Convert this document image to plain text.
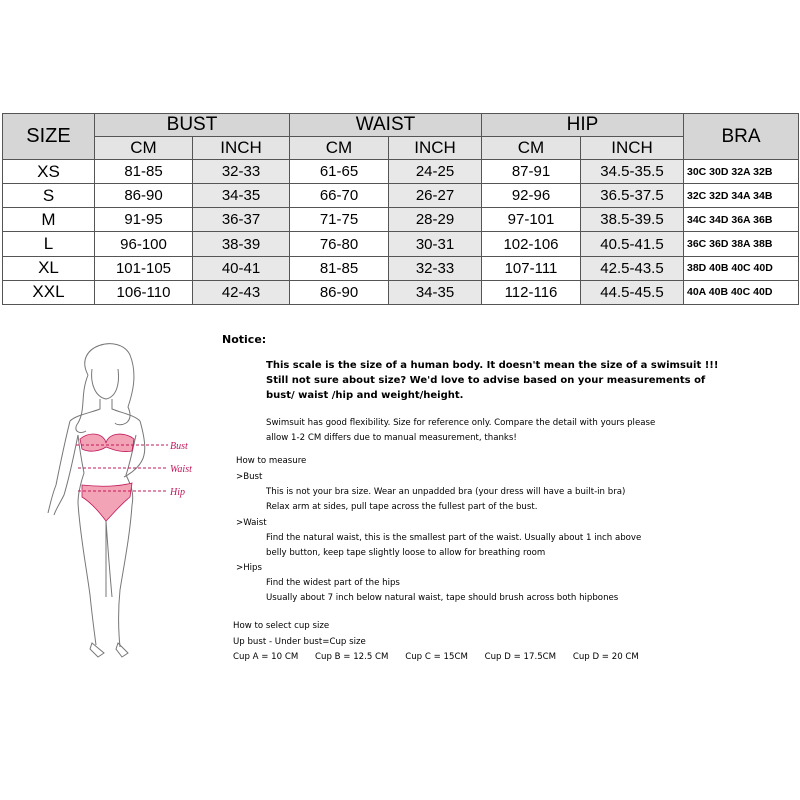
SIZE	BUST		WAIST		HIP		BRA
	CM	INCH	CM	INCH	CM	INCH	
XS	81-85	32-33	61-65	24-25	87-91	34.5-35.5	30C 30D 32A 32B
S	86-90	34-35	66-70	26-27	92-96	36.5-37.5	32C 32D 34A 34B
M	91-95	36-37	71-75	28-29	97-101	38.5-39.5	34C 34D 36A 36B
L	96-100	38-39	76-80	30-31	102-106	40.5-41.5	36C 36D 38A 38B
XL	101-105	40-41	81-85	32-33	107-111	42.5-43.5	38D 40B 40C 40D
XXL	106-110	42-43	86-90	34-35	112-116	44.5-45.5	40A 40B 40C 40D
Bust
Waist
Hip
Notice:
This scale is the size of a human body. It doesn't mean the size of a swimsuit !!!
Still not sure about size? We'd love to advise based on your measurements of
bust/ waist /hip and weight/height.
Swimsuit has good flexibility. Size for reference only. Compare the detail with yours please
allow 1-2 CM differs due to manual measurement, thanks!
How to measure
>Bust
This is not your bra size. Wear an unpadded bra (your dress will have a built-in bra)
Relax arm at sides, pull tape across the fullest part of the bust.
>Waist
Find the natural waist, this is the smallest part of the waist. Usually about 1 inch above
belly button, keep tape slightly loose to allow for breathing room
>Hips
Find the widest part of the hips
Usually about 7 inch below natural waist, tape should brush across both hipbones
How to select cup size
Up bust - Under bust=Cup size
Cup A = 10 CM Cup B = 12.5 CM Cup C = 15CM Cup D = 17.5CM Cup D = 20 CM
